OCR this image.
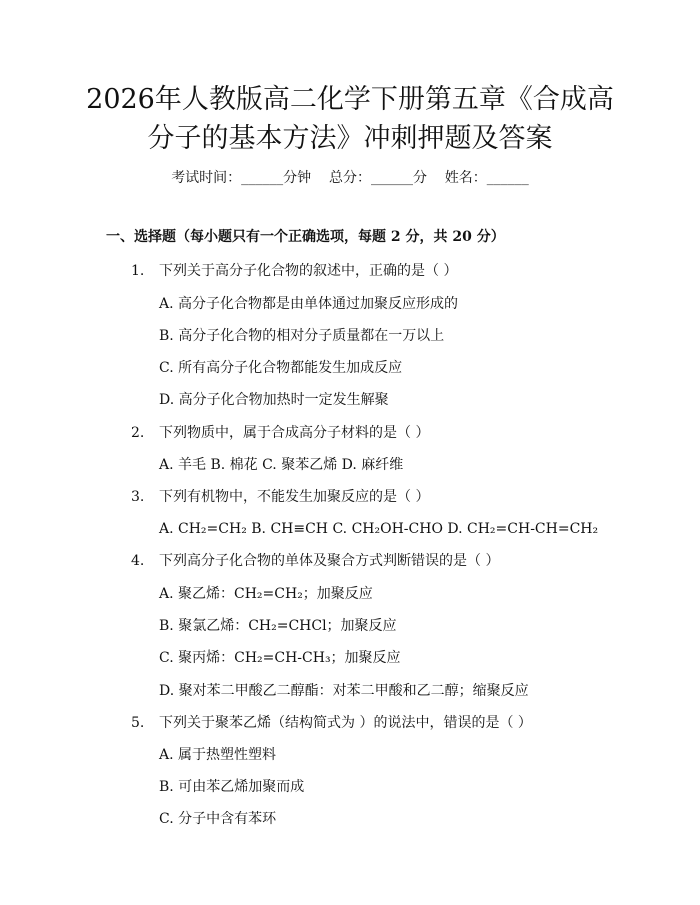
2026年人教版高二化学下册第五章《合成高
分子的基本方法》冲刺押题及答案
考试时间：______分钟    总分：______分    姓名：______
一、选择题（每小题只有一个正确选项，每题 2 分，共 20 分）
1. 下列关于高分子化合物的叙述中，正确的是（ ）
A. 高分子化合物都是由单体通过加聚反应形成的
B. 高分子化合物的相对分子质量都在一万以上
C. 所有高分子化合物都能发生加成反应
D. 高分子化合物加热时一定发生解聚
2. 下列物质中，属于合成高分子材料的是（ ）
A. 羊毛 B. 棉花 C. 聚苯乙烯 D. 麻纤维
3. 下列有机物中，不能发生加聚反应的是（ ）
A. CH₂=CH₂ B. CH≡CH C. CH₂OH-CHO D. CH₂=CH-CH=CH₂
4. 下列高分子化合物的单体及聚合方式判断错误的是（ ）
A. 聚乙烯：CH₂=CH₂；加聚反应
B. 聚氯乙烯：CH₂=CHCl；加聚反应
C. 聚丙烯：CH₂=CH-CH₃；加聚反应
D. 聚对苯二甲酸乙二醇酯：对苯二甲酸和乙二醇；缩聚反应
5. 下列关于聚苯乙烯（结构简式为 ）的说法中，错误的是（ ）
A. 属于热塑性塑料
B. 可由苯乙烯加聚而成
C. 分子中含有苯环
